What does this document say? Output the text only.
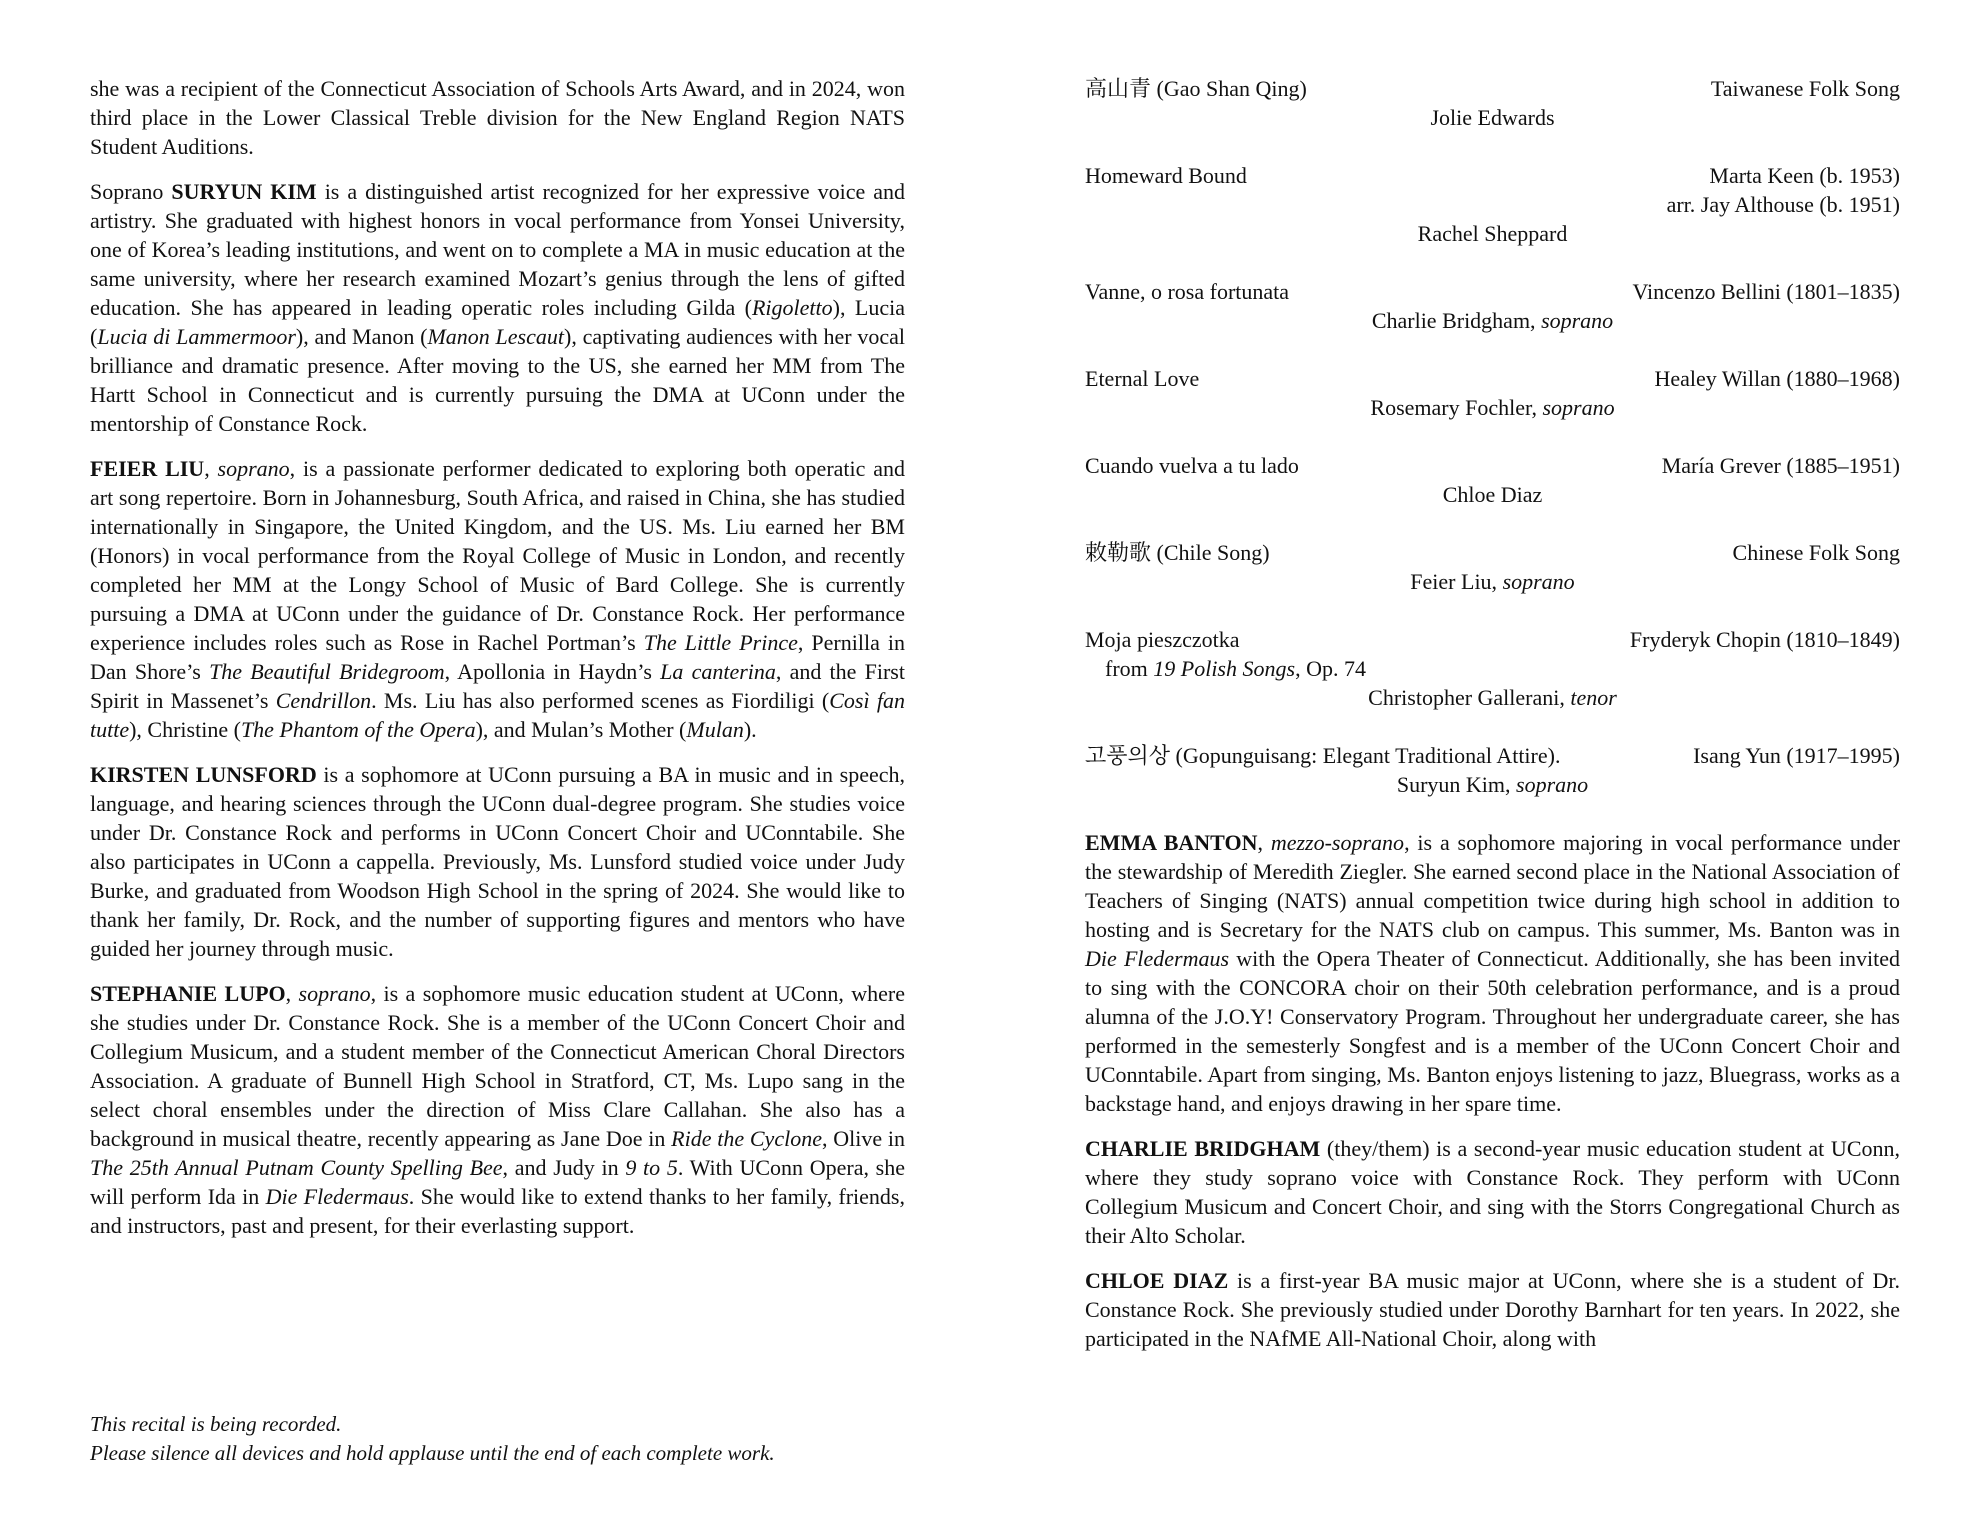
she was a recipient of the Connecticut Association of Schools Arts Award, and in 2024, won third place in the Lower Classical Treble division for the New England Region NATS Student Auditions.

Soprano SURYUN KIM is a distinguished artist recognized for her expressive voice and artistry. She graduated with highest honors in vocal performance from Yonsei University, one of Korea’s leading institutions, and went on to complete a MA in music education at the same university, where her research examined Mozart’s genius through the lens of gifted education. She has appeared in leading operatic roles including Gilda (Rigoletto), Lucia (Lucia di Lammermoor), and Manon (Manon Lescaut), captivating audiences with her vocal brilliance and dramatic presence. After moving to the US, she earned her MM from The Hartt School in Connecticut and is currently pursuing the DMA at UConn under the mentorship of Constance Rock.

FEIER LIU, soprano, is a passionate performer dedicated to exploring both operatic and art song repertoire. Born in Johannesburg, South Africa, and raised in China, she has studied internationally in Singapore, the United Kingdom, and the US. Ms. Liu earned her BM (Honors) in vocal performance from the Royal College of Music in London, and recently completed her MM at the Longy School of Music of Bard College. She is currently pursuing a DMA at UConn under the guidance of Dr. Constance Rock. Her performance experience includes roles such as Rose in Rachel Portman’s The Little Prince, Pernilla in Dan Shore’s The Beautiful Bridegroom, Apollonia in Haydn’s La canterina, and the First Spirit in Massenet’s Cendrillon. Ms. Liu has also performed scenes as Fiordiligi (Così fan tutte), Christine (The Phantom of the Opera), and Mulan’s Mother (Mulan).

KIRSTEN LUNSFORD is a sophomore at UConn pursuing a BA in music and in speech, language, and hearing sciences through the UConn dual-degree program. She studies voice under Dr. Constance Rock and performs in UConn Concert Choir and UConntabile. She also participates in UConn a cappella. Previously, Ms. Lunsford studied voice under Judy Burke, and graduated from Woodson High School in the spring of 2024. She would like to thank her family, Dr. Rock, and the number of supporting figures and mentors who have guided her journey through music.

STEPHANIE LUPO, soprano, is a sophomore music education student at UConn, where she studies under Dr. Constance Rock. She is a member of the UConn Concert Choir and Collegium Musicum, and a student member of the Connecticut American Choral Directors Association. A graduate of Bunnell High School in Stratford, CT, Ms. Lupo sang in the select choral ensembles under the direction of Miss Clare Callahan. She also has a background in musical theatre, recently appearing as Jane Doe in Ride the Cyclone, Olive in The 25th Annual Putnam County Spelling Bee, and Judy in 9 to 5. With UConn Opera, she will perform Ida in Die Fledermaus. She would like to extend thanks to her family, friends, and instructors, past and present, for their everlasting support.

This recital is being recorded.
Please silence all devices and hold applause until the end of each complete work.
高山青 (Gao Shan Qing)	Taiwanese Folk Song
Jolie Edwards
Homeward Bound	Marta Keen (b. 1953)
arr. Jay Althouse (b. 1951)
Rachel Sheppard
Vanne, o rosa fortunata	Vincenzo Bellini (1801–1835)
Charlie Bridgham, soprano
Eternal Love	Healey Willan (1880–1968)
Rosemary Fochler, soprano
Cuando vuelva a tu lado	María Grever (1885–1951)
Chloe Diaz
敕勒歌 (Chile Song)	Chinese Folk Song
Feier Liu, soprano
Moja pieszczotka	Fryderyk Chopin (1810–1849)
from 19 Polish Songs, Op. 74
Christopher Gallerani, tenor
고풍의상 (Gopunguisang: Elegant Traditional Attire).	Isang Yun (1917–1995)
Suryun Kim, soprano

EMMA BANTON, mezzo-soprano, is a sophomore majoring in vocal performance under the stewardship of Meredith Ziegler. She earned second place in the National Association of Teachers of Singing (NATS) annual competition twice during high school in addition to hosting and is Secretary for the NATS club on campus. This summer, Ms. Banton was in Die Fledermaus with the Opera Theater of Connecticut. Additionally, she has been invited to sing with the CONCORA choir on their 50th celebration performance, and is a proud alumna of the J.O.Y! Conservatory Program. Throughout her undergraduate career, she has performed in the semesterly Songfest and is a member of the UConn Concert Choir and UConntabile. Apart from singing, Ms. Banton enjoys listening to jazz, Bluegrass, works as a backstage hand, and enjoys drawing in her spare time.

CHARLIE BRIDGHAM (they/them) is a second-year music education student at UConn, where they study soprano voice with Constance Rock. They perform with UConn Collegium Musicum and Concert Choir, and sing with the Storrs Congregational Church as their Alto Scholar.

CHLOE DIAZ is a first-year BA music major at UConn, where she is a student of Dr. Constance Rock. She previously studied under Dorothy Barnhart for ten years. In 2022, she participated in the NAfME All-National Choir, along with
